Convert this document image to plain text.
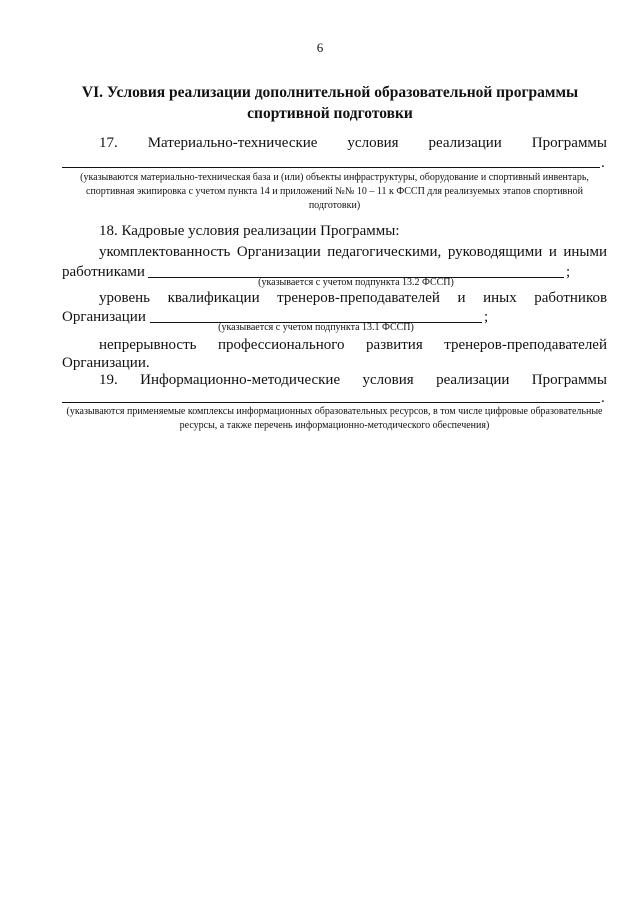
6
VI. Условия реализации дополнительной образовательной программы
спортивной подготовки
17. Материально-технические условия реализации Программы
.
(указываются материально-техническая база и (или) объекты инфраструктуры, оборудование и спортивный инвентарь, спортивная экипировка с учетом пункта 14 и приложений №№ 10 – 11 к ФССП для реализуемых этапов спортивной подготовки)
18. Кадровые условия реализации Программы:
укомплектованность Организации педагогическими, руководящими и иными
работниками	;
(указывается с учетом подпункта 13.2 ФССП)
уровень квалификации тренеров-преподавателей и иных работников
Организации	;
(указывается с учетом подпункта 13.1 ФССП)
непрерывность профессионального развития тренеров-преподавателей
Организации.
19. Информационно-методические условия реализации Программы
.
(указываются применяемые комплексы информационных образовательных ресурсов, в том числе цифровые образовательные ресурсы, а также перечень информационно-методического обеспечения)
